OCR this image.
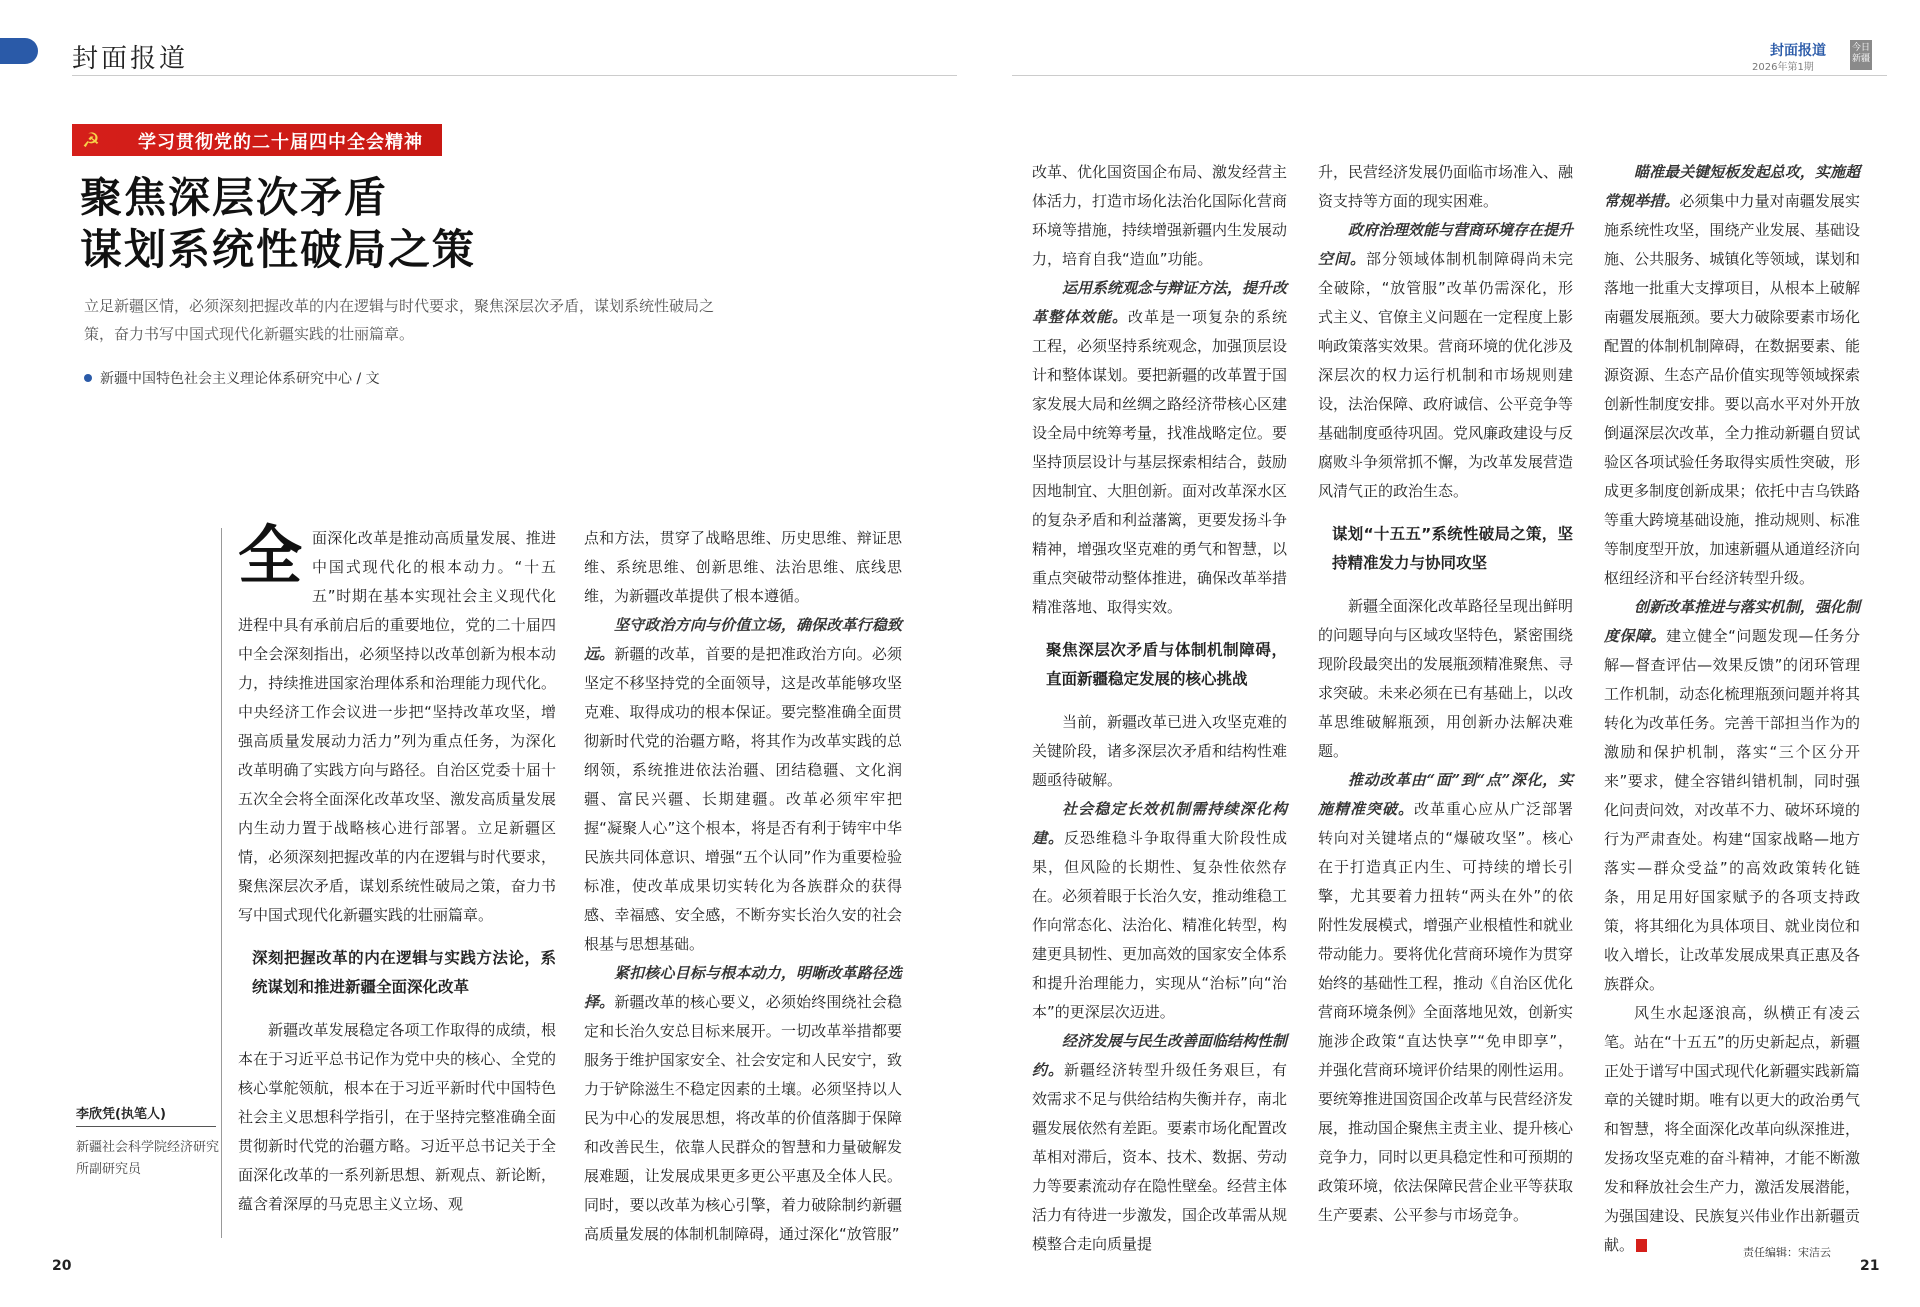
封面报道	封面报道
2026年第1期
今日新疆
☭ 学习贯彻党的二十届四中全会精神
聚焦深层次矛盾
谋划系统性破局之策
立足新疆区情，必须深刻把握改革的内在逻辑与时代要求，聚焦深层次矛盾，谋划系统性破局之策，奋力书写中国式现代化新疆实践的壮丽篇章。
新疆中国特色社会主义理论体系研究中心 / 文
李欣凭(执笔人)
新疆社会科学院经济研究所副研究员

全面深化改革是推动高质量发展、推进中国式现代化的根本动力。“十五五”时期在基本实现社会主义现代化进程中具有承前启后的重要地位，党的二十届四中全会深刻指出，必须坚持以改革创新为根本动力，持续推进国家治理体系和治理能力现代化。中央经济工作会议进一步把“坚持改革攻坚，增强高质量发展动力活力”列为重点任务，为深化改革明确了实践方向与路径。自治区党委十届十五次全会将全面深化改革攻坚、激发高质量发展内生动力置于战略核心进行部署。立足新疆区情，必须深刻把握改革的内在逻辑与时代要求，聚焦深层次矛盾，谋划系统性破局之策，奋力书写中国式现代化新疆实践的壮丽篇章。

深刻把握改革的内在逻辑与实践方法论，系统谋划和推进新疆全面深化改革

新疆改革发展稳定各项工作取得的成绩，根本在于习近平总书记作为党中央的核心、全党的核心掌舵领航，根本在于习近平新时代中国特色社会主义思想科学指引，在于坚持完整准确全面贯彻新时代党的治疆方略。习近平总书记关于全面深化改革的一系列新思想、新观点、新论断，蕴含着深厚的马克思主义立场、观

点和方法，贯穿了战略思维、历史思维、辩证思维、系统思维、创新思维、法治思维、底线思维，为新疆改革提供了根本遵循。

坚守政治方向与价值立场，确保改革行稳致远。新疆的改革，首要的是把准政治方向。必须坚定不移坚持党的全面领导，这是改革能够攻坚克难、取得成功的根本保证。要完整准确全面贯彻新时代党的治疆方略，将其作为改革实践的总纲领，系统推进依法治疆、团结稳疆、文化润疆、富民兴疆、长期建疆。改革必须牢牢把握“凝聚人心”这个根本，将是否有利于铸牢中华民族共同体意识、增强“五个认同”作为重要检验标准，使改革成果切实转化为各族群众的获得感、幸福感、安全感，不断夯实长治久安的社会根基与思想基础。

紧扣核心目标与根本动力，明晰改革路径选择。新疆改革的核心要义，必须始终围绕社会稳定和长治久安总目标来展开。一切改革举措都要服务于维护国家安全、社会安定和人民安宁，致力于铲除滋生不稳定因素的土壤。必须坚持以人民为中心的发展思想，将改革的价值落脚于保障和改善民生，依靠人民群众的智慧和力量破解发展难题，让发展成果更多更公平惠及全体人民。同时，要以改革为核心引擎，着力破除制约新疆高质量发展的体制机制障碍，通过深化“放管服”

改革、优化国资国企布局、激发经营主体活力，打造市场化法治化国际化营商环境等措施，持续增强新疆内生发展动力，培育自我“造血”功能。

运用系统观念与辩证方法，提升改革整体效能。改革是一项复杂的系统工程，必须坚持系统观念，加强顶层设计和整体谋划。要把新疆的改革置于国家发展大局和丝绸之路经济带核心区建设全局中统筹考量，找准战略定位。要坚持顶层设计与基层探索相结合，鼓励因地制宜、大胆创新。面对改革深水区的复杂矛盾和利益藩篱，更要发扬斗争精神，增强攻坚克难的勇气和智慧，以重点突破带动整体推进，确保改革举措精准落地、取得实效。

聚焦深层次矛盾与体制机制障碍，直面新疆稳定发展的核心挑战

当前，新疆改革已进入攻坚克难的关键阶段，诸多深层次矛盾和结构性难题亟待破解。

社会稳定长效机制需持续深化构建。反恐维稳斗争取得重大阶段性成果，但风险的长期性、复杂性依然存在。必须着眼于长治久安，推动维稳工作向常态化、法治化、精准化转型，构建更具韧性、更加高效的国家安全体系和提升治理能力，实现从“治标”向“治本”的更深层次迈进。

经济发展与民生改善面临结构性制约。新疆经济转型升级任务艰巨，有效需求不足与供给结构失衡并存，南北疆发展依然有差距。要素市场化配置改革相对滞后，资本、技术、数据、劳动力等要素流动存在隐性壁垒。经营主体活力有待进一步激发，国企改革需从规模整合走向质量提

升，民营经济发展仍面临市场准入、融资支持等方面的现实困难。

政府治理效能与营商环境存在提升空间。部分领域体制机制障碍尚未完全破除，“放管服”改革仍需深化，形式主义、官僚主义问题在一定程度上影响政策落实效果。营商环境的优化涉及深层次的权力运行机制和市场规则建设，法治保障、政府诚信、公平竞争等基础制度亟待巩固。党风廉政建设与反腐败斗争须常抓不懈，为改革发展营造风清气正的政治生态。

谋划“十五五”系统性破局之策，坚持精准发力与协同攻坚

新疆全面深化改革路径呈现出鲜明的问题导向与区域攻坚特色，紧密围绕现阶段最突出的发展瓶颈精准聚焦、寻求突破。未来必须在已有基础上，以改革思维破解瓶颈，用创新办法解决难题。

推动改革由“面”到“点”深化，实施精准突破。改革重心应从广泛部署转向对关键堵点的“爆破攻坚”。核心在于打造真正内生、可持续的增长引擎，尤其要着力扭转“两头在外”的依附性发展模式，增强产业根植性和就业带动能力。要将优化营商环境作为贯穿始终的基础性工程，推动《自治区优化营商环境条例》全面落地见效，创新实施涉企政策“直达快享”“免申即享”，并强化营商环境评价结果的刚性运用。要统筹推进国资国企改革与民营经济发展，推动国企聚焦主责主业、提升核心竞争力，同时以更具稳定性和可预期的政策环境，依法保障民营企业平等获取生产要素、公平参与市场竞争。

瞄准最关键短板发起总攻，实施超常规举措。必须集中力量对南疆发展实施系统性攻坚，围绕产业发展、基础设施、公共服务、城镇化等领域，谋划和落地一批重大支撑项目，从根本上破解南疆发展瓶颈。要大力破除要素市场化配置的体制机制障碍，在数据要素、能源资源、生态产品价值实现等领域探索创新性制度安排。要以高水平对外开放倒逼深层次改革，全力推动新疆自贸试验区各项试验任务取得实质性突破，形成更多制度创新成果；依托中吉乌铁路等重大跨境基础设施，推动规则、标准等制度型开放，加速新疆从通道经济向枢纽经济和平台经济转型升级。

创新改革推进与落实机制，强化制度保障。建立健全“问题发现—任务分解—督查评估—效果反馈”的闭环管理工作机制，动态化梳理瓶颈问题并将其转化为改革任务。完善干部担当作为的激励和保护机制，落实“三个区分开来”要求，健全容错纠错机制，同时强化问责问效，对改革不力、破坏环境的行为严肃查处。构建“国家战略—地方落实—群众受益”的高效政策转化链条，用足用好国家赋予的各项支持政策，将其细化为具体项目、就业岗位和收入增长，让改革发展成果真正惠及各族群众。

风生水起逐浪高，纵横正有凌云笔。站在“十五五”的历史新起点，新疆正处于谱写中国式现代化新疆实践新篇章的关键时期。唯有以更大的政治勇气和智慧，将全面深化改革向纵深推进，发扬攻坚克难的奋斗精神，才能不断激发和释放社会生产力，激活发展潜能，为强国建设、民族复兴伟业作出新疆贡献。

20	21
责任编辑：宋洁云
